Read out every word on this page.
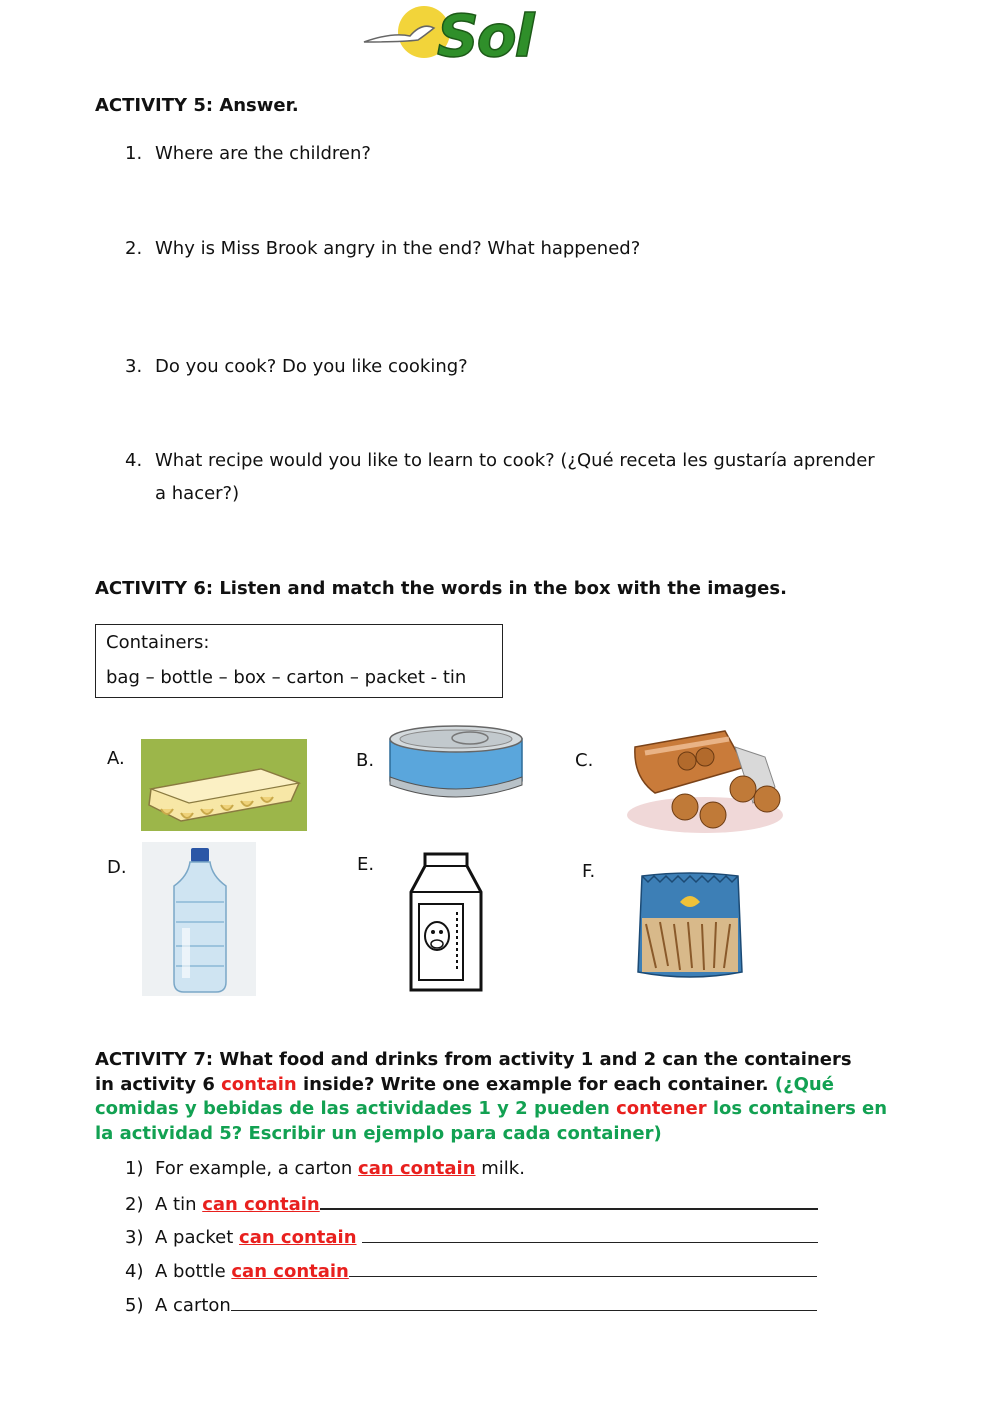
Sol
ACTIVITY 5: Answer.
1. Where are the children?
2. Why is Miss Brook angry in the end? What happened?
3. Do you cook? Do you like cooking?
4. What recipe would you like to learn to cook? (¿Qué receta les gustaría aprender
a hacer?)
ACTIVITY 6: Listen and match the words in the box with the images.
Containers:
bag – bottle – box – carton – packet - tin
A.	B.	C.
D.	E.	F.
ACTIVITY 7: What food and drinks from activity 1 and 2 can the containers
in activity 6 contain inside? Write one example for each container. (¿Qué
comidas y bebidas de las actividades 1 y 2 pueden contener los containers en
la actividad 5? Escribir un ejemplo para cada container)
1) For example, a carton can contain milk.
2) A tin can contain
3) A packet can contain
4) A bottle can contain
5) A carton
